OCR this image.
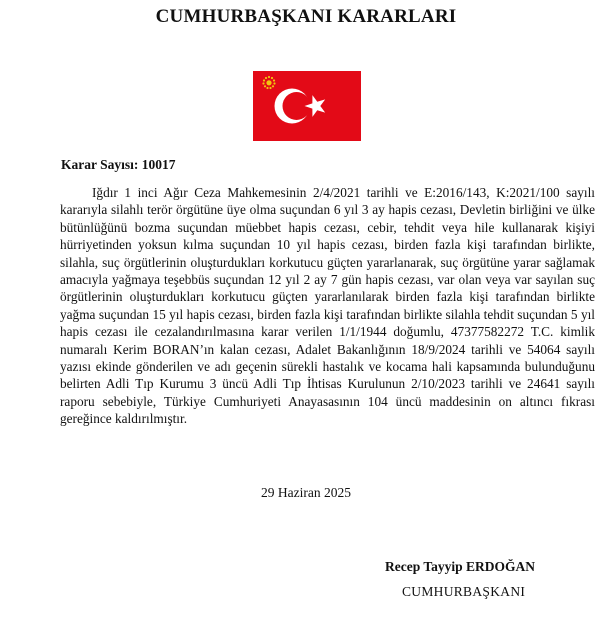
CUMHURBAŞKANI KARARLARI
Karar Sayısı: 10017

Iğdır 1 inci Ağır Ceza Mahkemesinin 2/4/2021 tarihli ve E:2016/143, K:2021/100 sayılı kararıyla silahlı terör örgütüne üye olma suçundan 6 yıl 3 ay hapis cezası, Devletin birliğini ve ülke bütünlüğünü bozma suçundan müebbet hapis cezası, cebir, tehdit veya hile kullanarak kişiyi hürriyetinden yoksun kılma suçundan 10 yıl hapis cezası, birden fazla kişi tarafından birlikte, silahla, suç örgütlerinin oluşturdukları korkutucu güçten yararlanarak, suç örgütüne yarar sağlamak amacıyla yağmaya teşebbüs suçundan 12 yıl 2 ay 7 gün hapis cezası, var olan veya var sayılan suç örgütlerinin oluşturdukları korkutucu güçten yararlanılarak birden fazla kişi tarafından birlikte yağma suçundan 15 yıl hapis cezası, birden fazla kişi tarafından birlikte silahla tehdit suçundan 5 yıl hapis cezası ile cezalandırılmasına karar verilen 1/1/1944 doğumlu, 47377582272 T.C. kimlik numaralı Kerim BORAN’ın kalan cezası, Adalet Bakanlığının 18/9/2024 tarihli ve 54064 sayılı yazısı ekinde gönderilen ve adı geçenin sürekli hastalık ve kocama hali kapsamında bulunduğunu belirten Adli Tıp Kurumu 3 üncü Adli Tıp İhtisas Kurulunun 2/10/2023 tarihli ve 24641 sayılı raporu sebebiyle, Türkiye Cumhuriyeti Anayasasının 104 üncü maddesinin on altıncı fıkrası gereğince kaldırılmıştır.

29 Haziran 2025
Recep Tayyip ERDOĞAN
CUMHURBAŞKANI
